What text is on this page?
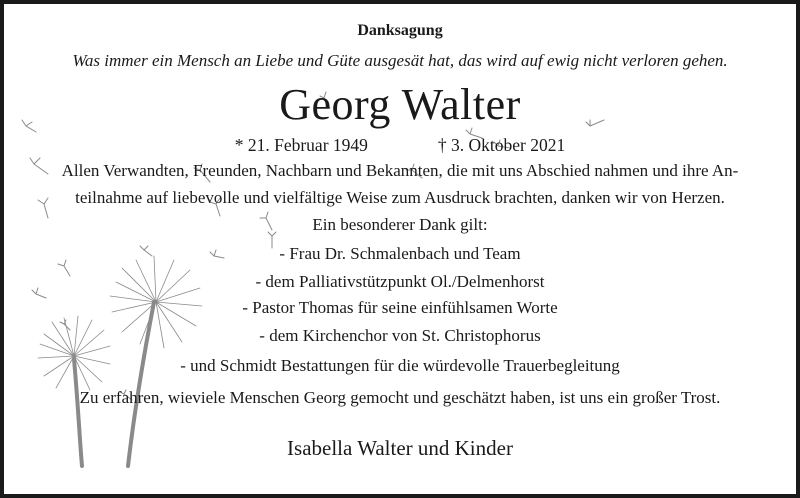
Danksagung
Was immer ein Mensch an Liebe und Güte ausgesät hat, das wird auf ewig nicht verloren gehen.
Georg Walter
* 21. Februar 1949	† 3. Oktober 2021
Allen Verwandten, Freunden, Nachbarn und Bekannten, die mit uns Abschied nahmen und ihre An-
teilnahme auf liebevolle und vielfältige Weise zum Ausdruck brachten, danken wir von Herzen.
Ein besonderer Dank gilt:
- Frau Dr. Schmalenbach und Team
- dem Palliativstützpunkt Ol./Delmenhorst
- Pastor Thomas für seine einfühlsamen Worte
- dem Kirchenchor von St. Christophorus
- und Schmidt Bestattungen für die würdevolle Trauerbegleitung
Zu erfahren, wieviele Menschen Georg gemocht und geschätzt haben, ist uns ein großer Trost.
Isabella Walter und Kinder
